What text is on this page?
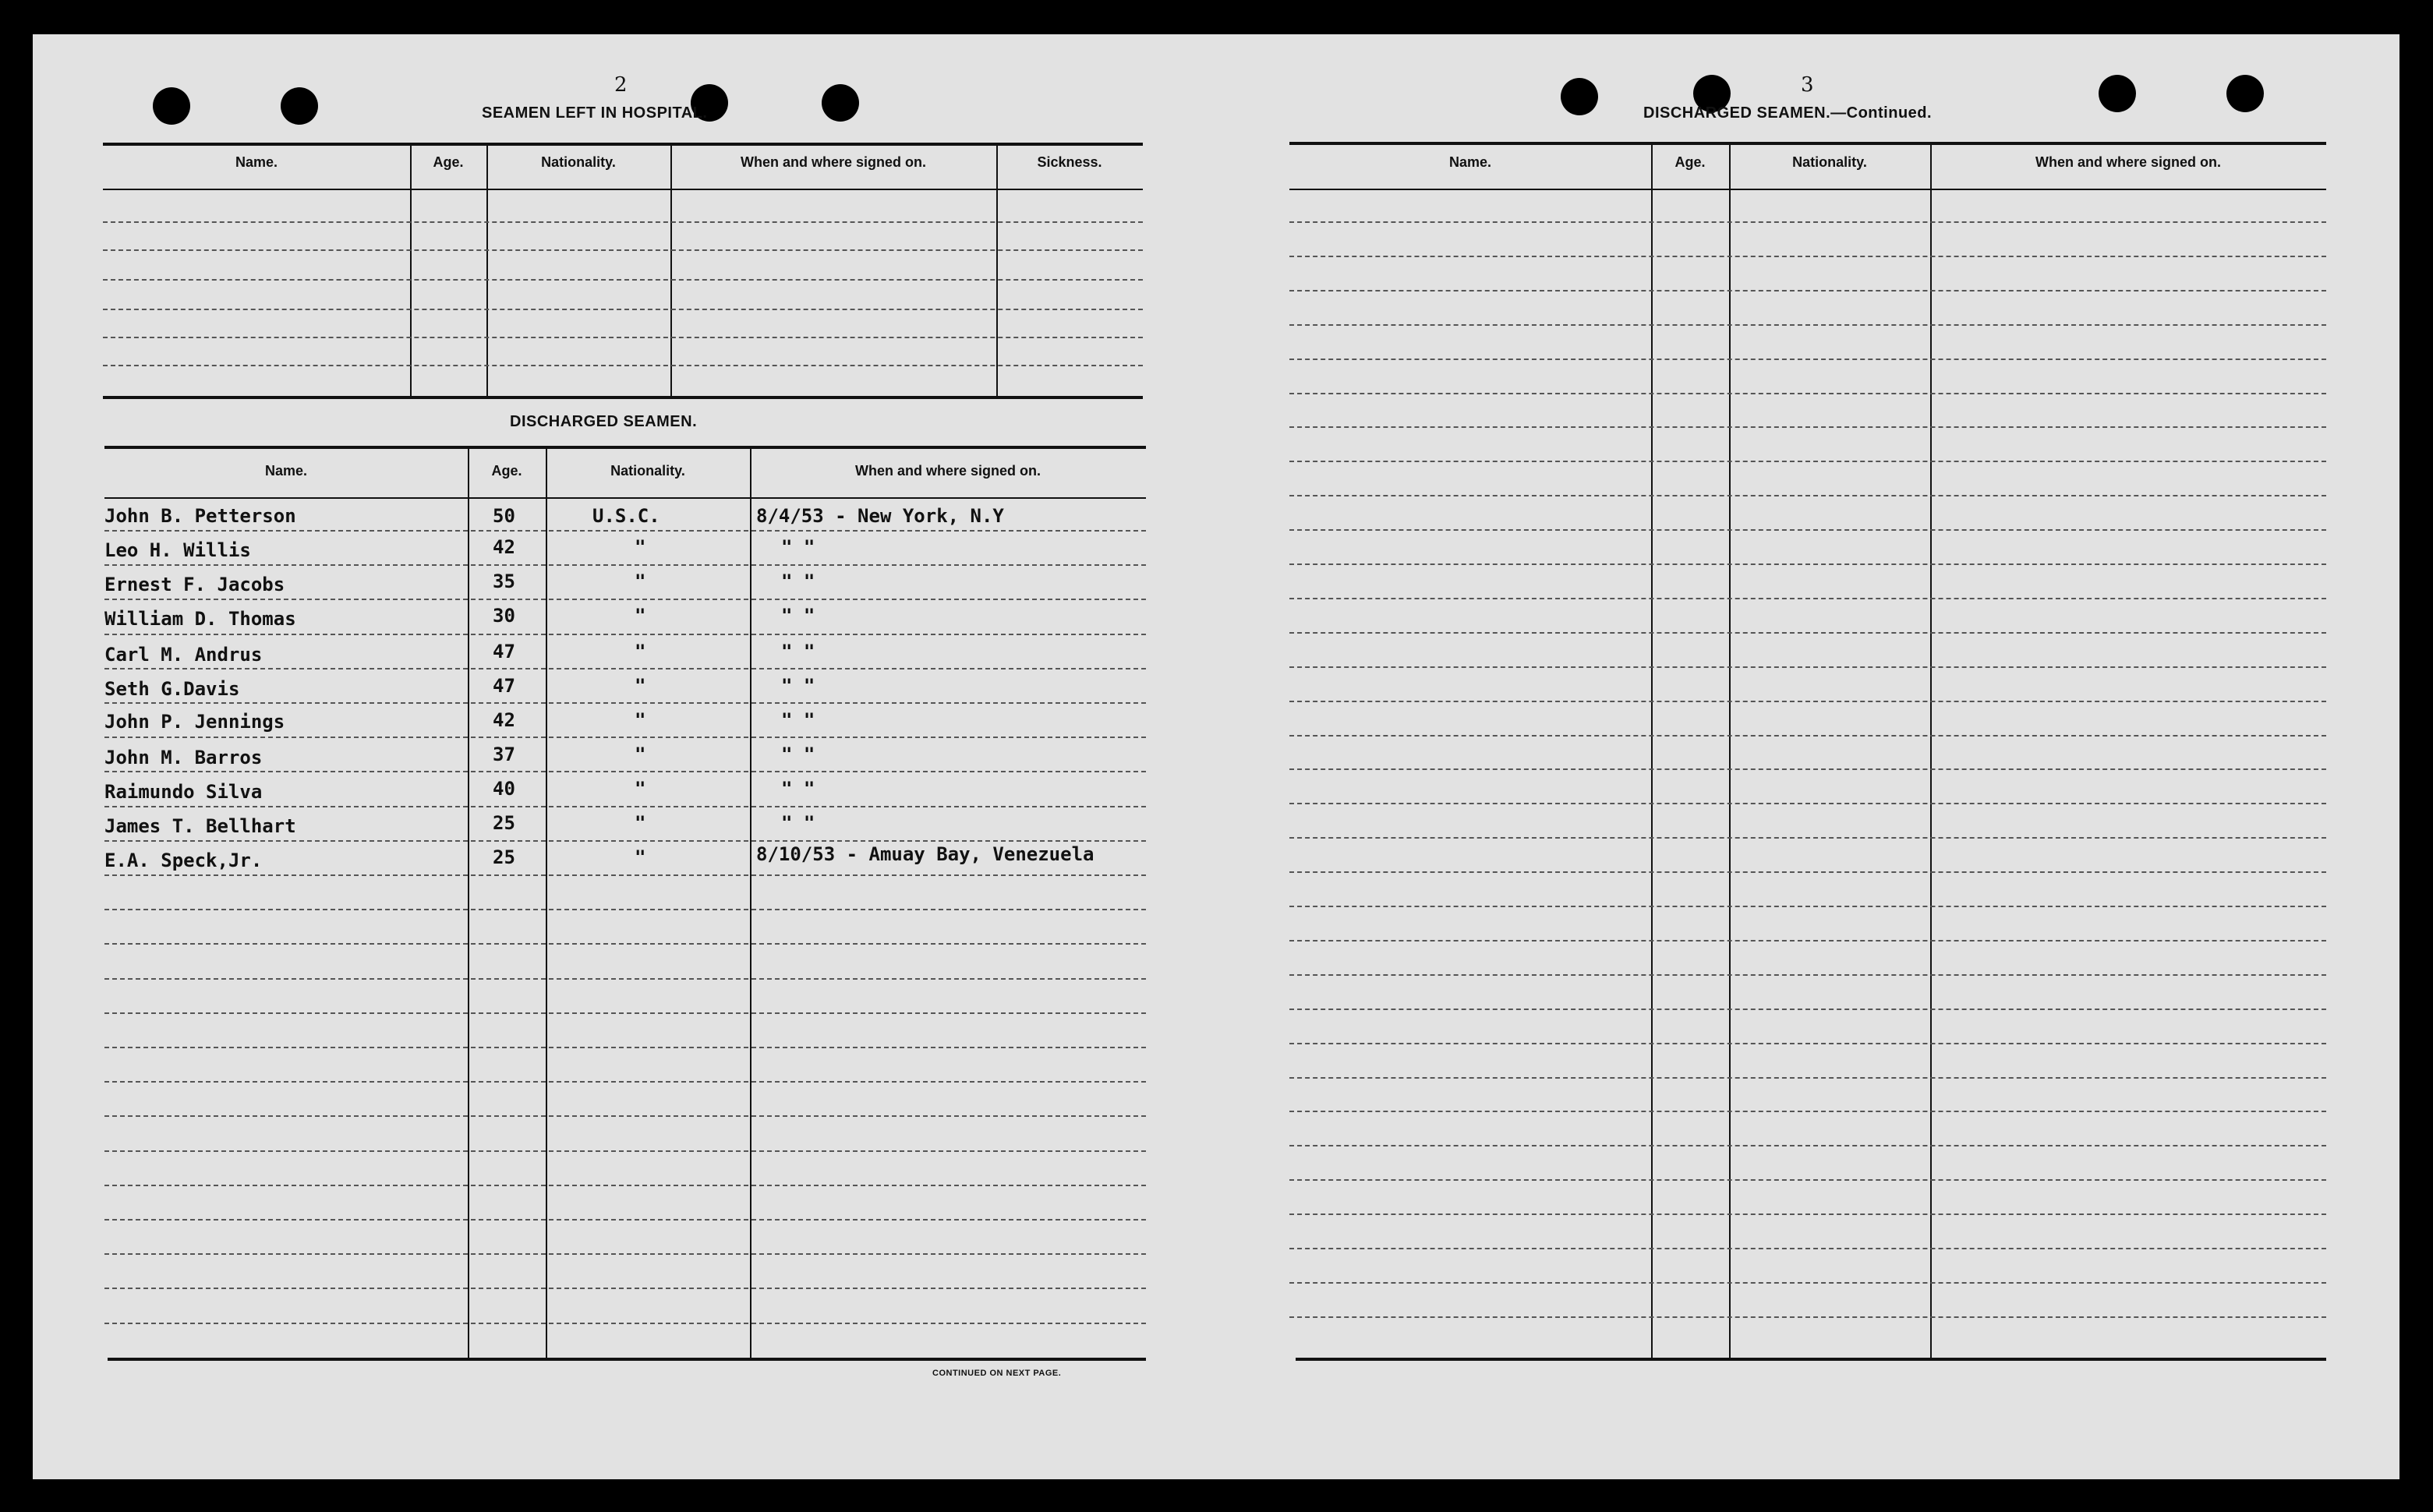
2
SEAMEN LEFT IN HOSPITAL.
Name.	Age.	Nationality.	When and where signed on.	Sickness.
DISCHARGED SEAMEN.
Name.	Age.	Nationality.	When and where signed on.
John B. Petterson	50	U.S.C.	8/4/53 - New York, N.Y
Leo H. Willis	42	"	" "
Ernest F. Jacobs	35	"	" "
William D. Thomas	30	"	" "
Carl M. Andrus	47	"	" "
Seth G.Davis	47	"	" "
John P. Jennings	42	"	" "
John M. Barros	37	"	" "
Raimundo Silva	40	"	" "
James T. Bellhart	25	"	" "
E.A. Speck,Jr.	25	"	8/10/53 - Amuay Bay, Venezuela
CONTINUED ON NEXT PAGE.
3
DISCHARGED SEAMEN.—Continued.
Name.	Age.	Nationality.	When and where signed on.
